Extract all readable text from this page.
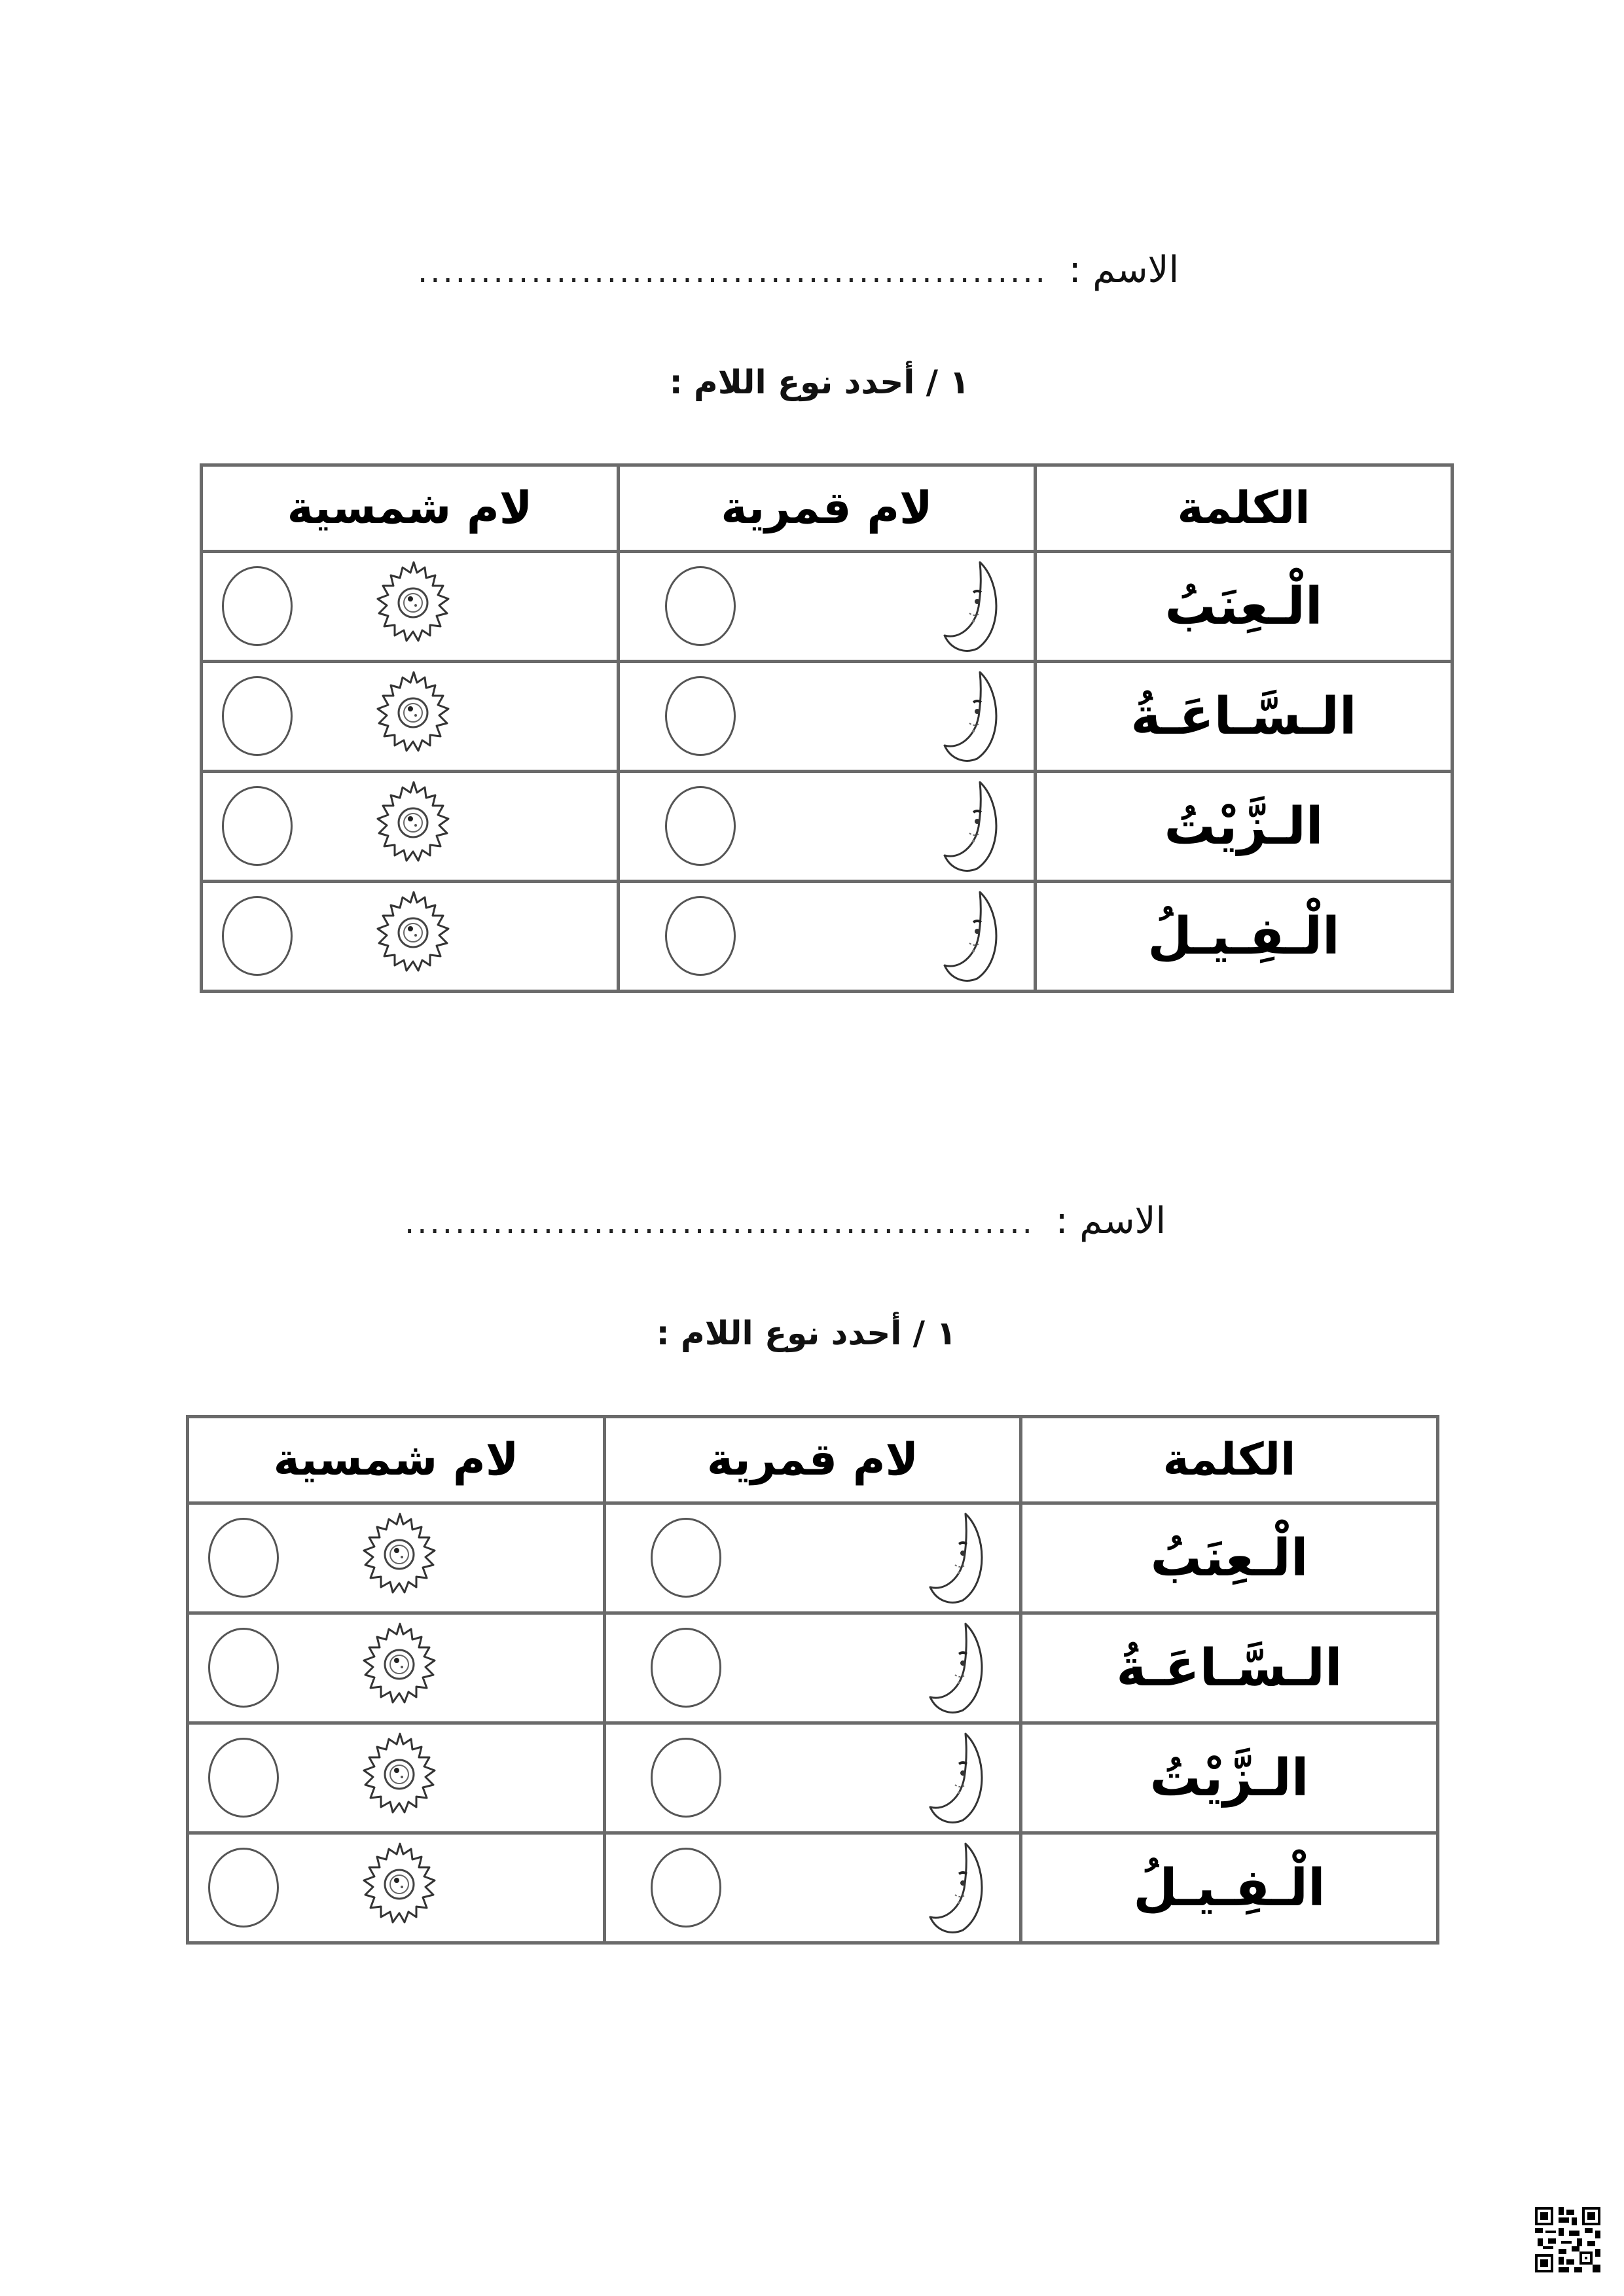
الاسم : ..................................................
١ / أحدد نوع اللام :
الكلمة	لام قمرية	لام شمسية
الْـعِنَبُ	

الـسَّـاعَـةُ	

الـزَّيْتُ	

الْـفِـيـلُ	

الاسم : ..................................................
١ / أحدد نوع اللام :
الكلمة	لام قمرية	لام شمسية
الْـعِنَبُ	

الـسَّـاعَـةُ	

الـزَّيْتُ	

الْـفِـيـلُ	
